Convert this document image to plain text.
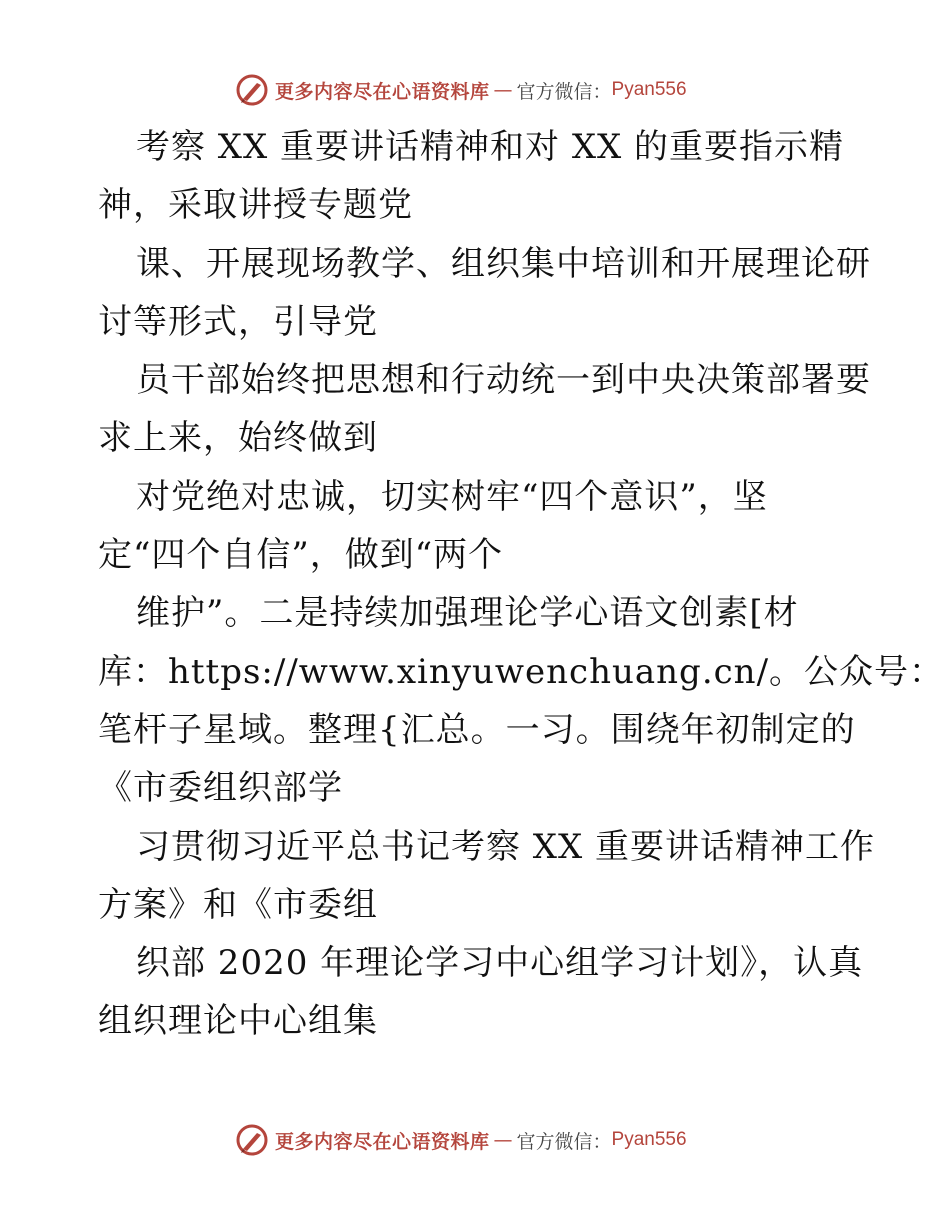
更多内容尽在心语资料库 — 官方微信： Pyan556
考察 XX 重要讲话精神和对 XX 的重要指示精
神，采取讲授专题党
课、开展现场教学、组织集中培训和开展理论研
讨等形式，引导党
员干部始终把思想和行动统一到中央决策部署要
求上来，始终做到
对党绝对忠诚，切实树牢“四个意识”，坚
定“四个自信”，做到“两个
维护”。二是持续加强理论学心语文创素[材
库：https://www.xinyuwenchuang.cn/。公众号：
笔杆子星域。整理{汇总。一习。围绕年初制定的
《市委组织部学
习贯彻习近平总书记考察 XX 重要讲话精神工作
方案》和《市委组
织部 2020 年理论学习中心组学习计划》，认真
组织理论中心组集
更多内容尽在心语资料库 — 官方微信： Pyan556
